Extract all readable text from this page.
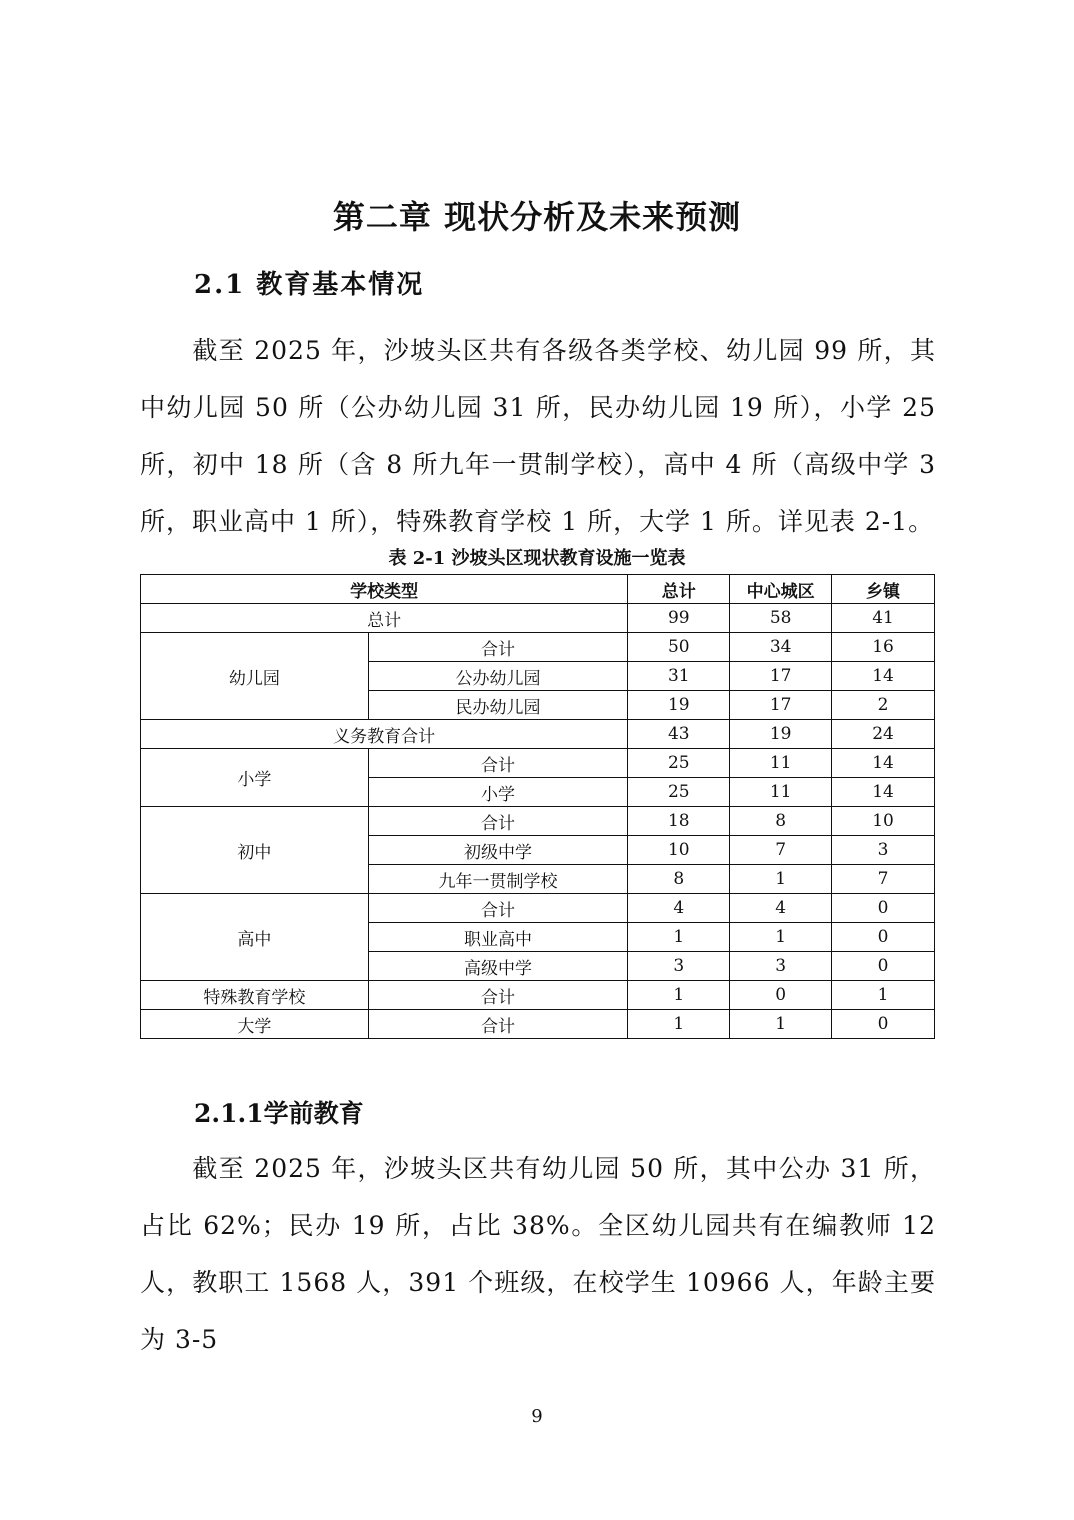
第二章 现状分析及未来预测
2.1 教育基本情况

截至 2025 年，沙坡头区共有各级各类学校、幼儿园 99 所，其中幼儿园 50 所（公办幼儿园 31 所，民办幼儿园 19 所），小学 25 所，初中 18 所（含 8 所九年一贯制学校），高中 4 所（高级中学 3 所，职业高中 1 所），特殊教育学校 1 所，大学 1 所。详见表 2-1。

表 2-1 沙坡头区现状教育设施一览表
学校类型		总计	中心城区	乡镇
总计		99	58	41
幼儿园	合计	50	34	16
	公办幼儿园	31	17	14
	民办幼儿园	19	17	2
义务教育合计		43	19	24
小学	合计	25	11	14
	小学	25	11	14
初中	合计	18	8	10
	初级中学	10	7	3
	九年一贯制学校	8	1	7
高中	合计	4	4	0
	职业高中	1	1	0
	高级中学	3	3	0
特殊教育学校	合计	1	0	1
大学	合计	1	1	0
2.1.1学前教育

截至 2025 年，沙坡头区共有幼儿园 50 所，其中公办 31 所，占比 62%；民办 19 所，占比 38%。全区幼儿园共有在编教师 12 人，教职工 1568 人，391 个班级，在校学生 10966 人，年龄主要为 3-5

9
